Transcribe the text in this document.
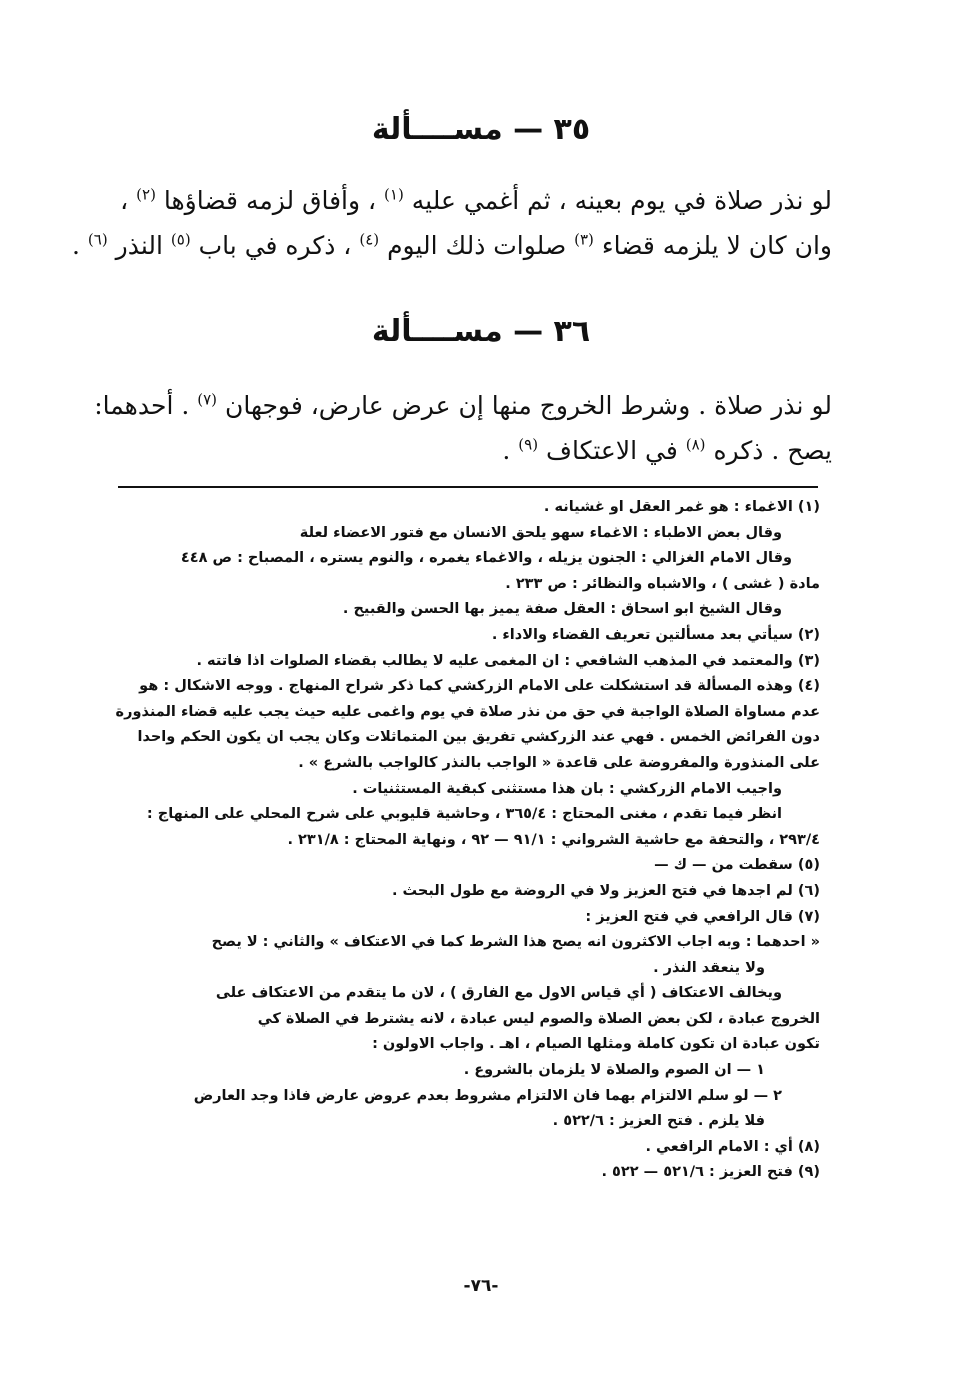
٣٥ — مســــألة
لو نذر صلاة في يوم بعينه ، ثم أغمي عليه $^{(١)}$ ، وأفاق لزمه قضاؤها $^{(٢)}$ ،
وان كان لا يلزمه قضاء $^{(٣)}$ صلوات ذلك اليوم $^{(٤)}$ ، ذكره في باب $^{(٥)}$ النذر $^{(٦)}$ .
٣٦ — مســــألة
لو نذر صلاة . وشرط الخروج منها إن عرض عارض، فوجهان $^{(٧)}$ . أحدهما:
يصح . ذكره $^{(٨)}$ في الاعتكاف $^{(٩)}$ .
(١) الاغماء : هو غمر العقل او غشيانه .
وقال بعض الاطباء : الاغماء سهو يلحق الانسان مع فتور الاعضاء لعلة
وقال الامام الغزالي : الجنون يزيله ، والاغماء يغمره ، والنوم يستره ، المصباح : ص ٤٤٨
مادة ( غشى ) ، والاشباه والنظائر : ص ٢٣٣ .
وقال الشيخ ابو اسحاق : العقل صفة يميز بها الحسن والقبيح .
(٢) سيأتي بعد مسألتين تعريف القضاء والاداء .
(٣) والمعتمد في المذهب الشافعي : ان المغمى عليه لا يطالب بقضاء الصلوات اذا فاتته .
(٤) وهذه المسألة قد استشكلت على الامام الزركشي كما ذكر شراح المنهاج . ووجه الاشكال : هو
عدم مساواة الصلاة الواجبة في حق من نذر صلاة في يوم واغمى عليه حيث يجب عليه قضاء المنذورة
دون الفرائض الخمس . فهي عند الزركشي تفريق بين المتماثلات وكان يجب ان يكون الحكم واحدا
على المنذورة والمفروضة على قاعدة « الواجب بالنذر كالواجب بالشرع » .
واجيب الامام الزركشي : بان هذا مستثنى كبقية المستثنيات .
انظر فيما تقدم ، مغنى المحتاج : ٣٦٥/٤ ، وحاشية قليوبي على شرح المحلي على المنهاج :
٢٩٣/٤ ، والتحفة مع حاشية الشرواني : ٩١/١ — ٩٢ ، ونهاية المحتاج : ٢٣١/٨ .
(٥) سقطت من — ك —
(٦) لم اجدها في فتح العزيز ولا في الروضة مع طول البحث .
(٧) قال الرافعي في فتح العزيز :
« احدهما : وبه اجاب الاكثرون انه يصح هذا الشرط كما في الاعتكاف » والثاني : لا يصح
ولا ينعقد النذر .
ويخالف الاعتكاف ( أي قياس الاول مع الفارق ) ، لان ما يتقدم من الاعتكاف على
الخروج عبادة ، لكن بعض الصلاة والصوم ليس عبادة ، لانه يشترط في الصلاة كي
تكون عبادة ان تكون كاملة ومثلها الصيام ، اهـ . واجاب الاولون :
١ — ان الصوم والصلاة لا يلزمان بالشروع .
٢ — لو سلم الالتزام بهما فان الالتزام مشروط بعدم عروض عارض فاذا وجد العارض
فلا يلزم . فتح العزيز : ٥٢٢/٦ .
(٨) أي : الامام الرافعي .
(٩) فتح العزيز : ٥٢١/٦ — ٥٢٢ .
-٧٦-
